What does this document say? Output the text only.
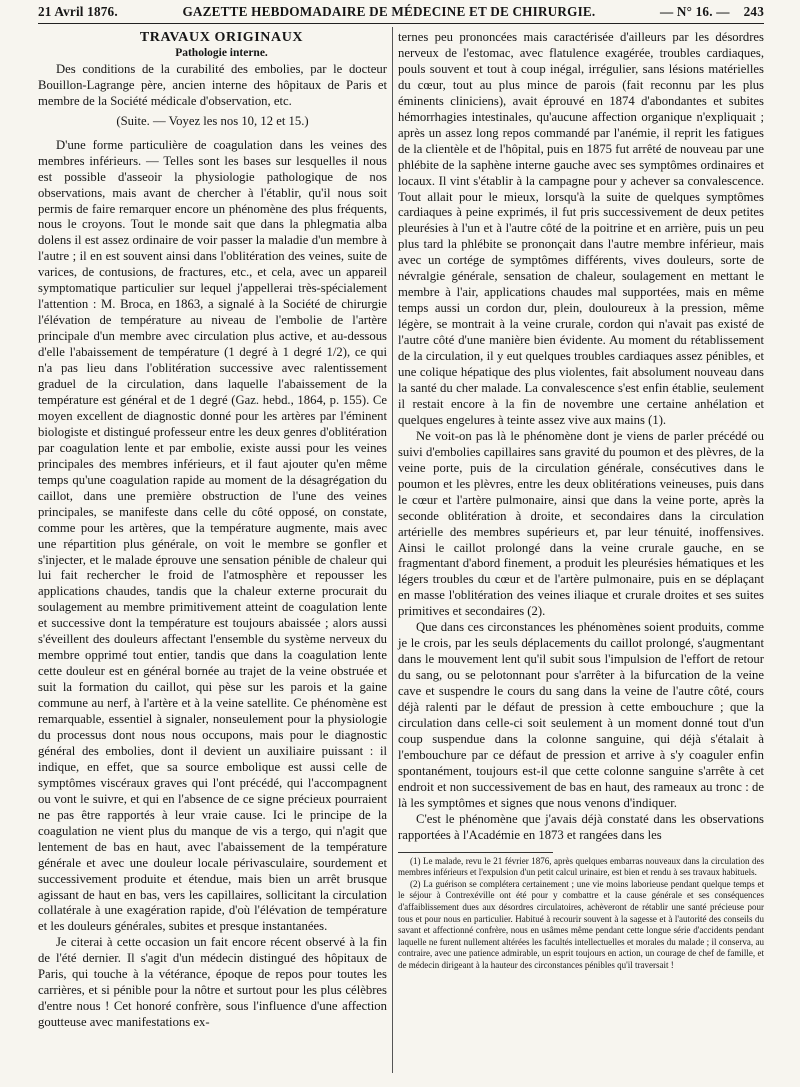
21 Avril 1876.	GAZETTE HEBDOMADAIRE DE MÉDECINE ET DE CHIRURGIE.	— N° 16. — 243

TRAVAUX ORIGINAUX

Pathologie interne.

Des conditions de la curabilité des embolies, par le docteur Bouillon-Lagrange père, ancien interne des hôpitaux de Paris et membre de la Société médicale d'observation, etc.

(Suite. — Voyez les nos 10, 12 et 15.)

D'une forme particulière de coagulation dans les veines des membres inférieurs. — Telles sont les bases sur lesquelles il nous est possible d'asseoir la physiologie pathologique de nos observations, mais avant de chercher à l'établir, qu'il nous soit permis de faire remarquer encore un phénomène des plus fréquents, nous le croyons. Tout le monde sait que dans la phlegmatia alba dolens il est assez ordinaire de voir passer la maladie d'un membre à l'autre ; il en est souvent ainsi dans l'oblitération des veines, suite de varices, de contusions, de fractures, etc., et cela, avec un appareil symptomatique particulier sur lequel j'appellerai très-spécialement l'attention : M. Broca, en 1863, a signalé à la Société de chirurgie l'élévation de température au niveau de l'embolie de l'artère principale d'un membre avec circulation plus active, et au-dessous d'elle l'abaissement de température (1 degré à 1 degré 1/2), ce qui n'a pas lieu dans l'oblitération successive avec ralentissement graduel de la circulation, dans laquelle l'abaissement de la température est général et de 1 degré (Gaz. hebd., 1864, p. 155). Ce moyen excellent de diagnostic donné pour les artères par l'éminent biologiste et distingué professeur entre les deux genres d'oblitération par coagulation lente et par embolie, existe aussi pour les veines principales des membres inférieurs, et il faut ajouter qu'en même temps qu'une coagulation rapide au moment de la désagrégation du caillot, dans une première obstruction de l'une des veines principales, se manifeste dans celle du côté opposé, on constate, comme pour les artères, que la température augmente, mais avec une répartition plus générale, on voit le membre se gonfler et s'injecter, et le malade éprouve une sensation pénible de chaleur qui lui fait rechercher le froid de l'atmosphère et repousser les applications chaudes, tandis que la chaleur externe procurait du soulagement au membre primitivement atteint de coagulation lente et successive dont la température est toujours abaissée ; alors aussi s'éveillent des douleurs affectant l'ensemble du système nerveux du membre opprimé tout entier, tandis que dans la coagulation lente cette douleur est en général bornée au trajet de la veine obstruée et suit la formation du caillot, qui pèse sur les parois et la gaine commune au nerf, à l'artère et à la veine satellite. Ce phénomène est remarquable, essentiel à signaler, nonseulement pour la physiologie du processus dont nous nous occupons, mais pour le diagnostic général des embolies, dont il devient un auxiliaire puissant : il indique, en effet, que sa source embolique est aussi celle de symptômes viscéraux graves qui l'ont précédé, qui l'accompagnent ou vont le suivre, et qui en l'absence de ce signe précieux pourraient ne pas être rapportés à leur vraie cause. Ici le principe de la coagulation ne vient plus du manque de vis a tergo, qui n'agit que lentement de bas en haut, avec l'abaissement de la température générale et avec une douleur locale périvasculaire, sourdement et successivement produite et étendue, mais bien un arrêt brusque agissant de haut en bas, vers les capillaires, sollicitant la circulation collatérale à une exagération rapide, d'où l'élévation de température et les douleurs générales, subites et presque instantanées.

Je citerai à cette occasion un fait encore récent observé à la fin de l'été dernier. Il s'agit d'un médecin distingué des hôpitaux de Paris, qui touche à la vétérance, époque de repos pour toutes les carrières, et si pénible pour la nôtre et surtout pour les plus célèbres d'entre nous ! Cet honoré confrère, sous l'influence d'une affection goutteuse avec manifestations ex-

ternes peu prononcées mais caractérisée d'ailleurs par les désordres nerveux de l'estomac, avec flatulence exagérée, troubles cardiaques, pouls souvent et tout à coup inégal, irrégulier, sans lésions matérielles du cœur, tout au plus mince de parois (fait reconnu par les plus éminents cliniciens), avait éprouvé en 1874 d'abondantes et subites hémorrhagies intestinales, qu'aucune affection organique n'expliquait ; après un assez long repos commandé par l'anémie, il reprit les fatigues de la clientèle et de l'hôpital, puis en 1875 fut arrêté de nouveau par une phlébite de la saphène interne gauche avec ses symptômes ordinaires et locaux. Il vint s'établir à la campagne pour y achever sa convalescence. Tout allait pour le mieux, lorsqu'à la suite de quelques symptômes cardiaques à peine exprimés, il fut pris successivement de deux petites pleurésies à l'un et à l'autre côté de la poitrine et en arrière, puis un peu plus tard la phlébite se prononçait dans l'autre membre inférieur, mais avec un cortége de symptômes différents, vives douleurs, sorte de névralgie générale, sensation de chaleur, soulagement en mettant le membre à l'air, applications chaudes mal supportées, mais en même temps aussi un cordon dur, plein, douloureux à la pression, même légère, se montrait à la veine crurale, cordon qui n'avait pas existé de l'autre côté d'une manière bien évidente. Au moment du rétablissement de la circulation, il y eut quelques troubles cardiaques assez pénibles, et une colique hépatique des plus violentes, fait absolument nouveau dans la santé du cher malade. La convalescence s'est enfin établie, seulement il restait encore à la fin de novembre une certaine anhélation et quelques engelures à teinte assez vive aux mains (1).

Ne voit-on pas là le phénomène dont je viens de parler précédé ou suivi d'embolies capillaires sans gravité du poumon et des plèvres, de la veine porte, puis de la circulation générale, consécutives dans le poumon et les plèvres, entre les deux oblitérations veineuses, puis dans le cœur et l'artère pulmonaire, ainsi que dans la veine porte, après la seconde oblitération à droite, et secondaires dans la circulation artérielle des membres supérieurs et, par leur ténuité, inoffensives. Ainsi le caillot prolongé dans la veine crurale gauche, en se fragmentant d'abord finement, a produit les pleurésies hématiques et les légers troubles du cœur et de l'artère pulmonaire, puis en se déplaçant en masse l'oblitération des veines iliaque et crurale droites et ses suites primitives et secondaires (2).

Que dans ces circonstances les phénomènes soient produits, comme je le crois, par les seuls déplacements du caillot prolongé, s'augmentant dans le mouvement lent qu'il subit sous l'impulsion de l'effort de retour du sang, ou se pelotonnant pour s'arrêter à la bifurcation de la veine cave et suspendre le cours du sang dans la veine de l'autre côté, cours déjà ralenti par le défaut de pression à cette embouchure ; que la circulation dans celle-ci soit seulement à un moment donné tout d'un coup suspendue dans la colonne sanguine, qui déjà s'étalait à l'embouchure par ce défaut de pression et arrive à s'y coaguler enfin spontanément, toujours est-il que cette colonne sanguine s'arrête à cet endroit et non successivement de bas en haut, des rameaux au tronc : de là les symptômes et signes que nous venons d'indiquer.

C'est le phénomène que j'avais déjà constaté dans les observations rapportées à l'Académie en 1873 et rangées dans les

(1) Le malade, revu le 21 février 1876, après quelques embarras nouveaux dans la circulation des membres inférieurs et l'expulsion d'un petit calcul urinaire, est bien et rendu à ses travaux habituels.

(2) La guérison se complétera certainement ; une vie moins laborieuse pendant quelque temps et le séjour à Contrexéville ont été pour y combattre et la cause générale et ses conséquences d'affaiblissement dues aux désordres circulatoires, achèveront de rétablir une santé précieuse pour tous et pour nous en particulier. Habitué à recourir souvent à la sagesse et à l'autorité des conseils du savant et affectionné confrère, nous en usâmes même pendant cette longue série d'accidents pendant laquelle ne furent nullement altérées les facultés intellectuelles et morales du malade ; il conserva, au contraire, avec une patience admirable, un esprit toujours en action, un courage de chef de famille, et de médecin dirigeant à la hauteur des circonstances pénibles qu'il traversait !
